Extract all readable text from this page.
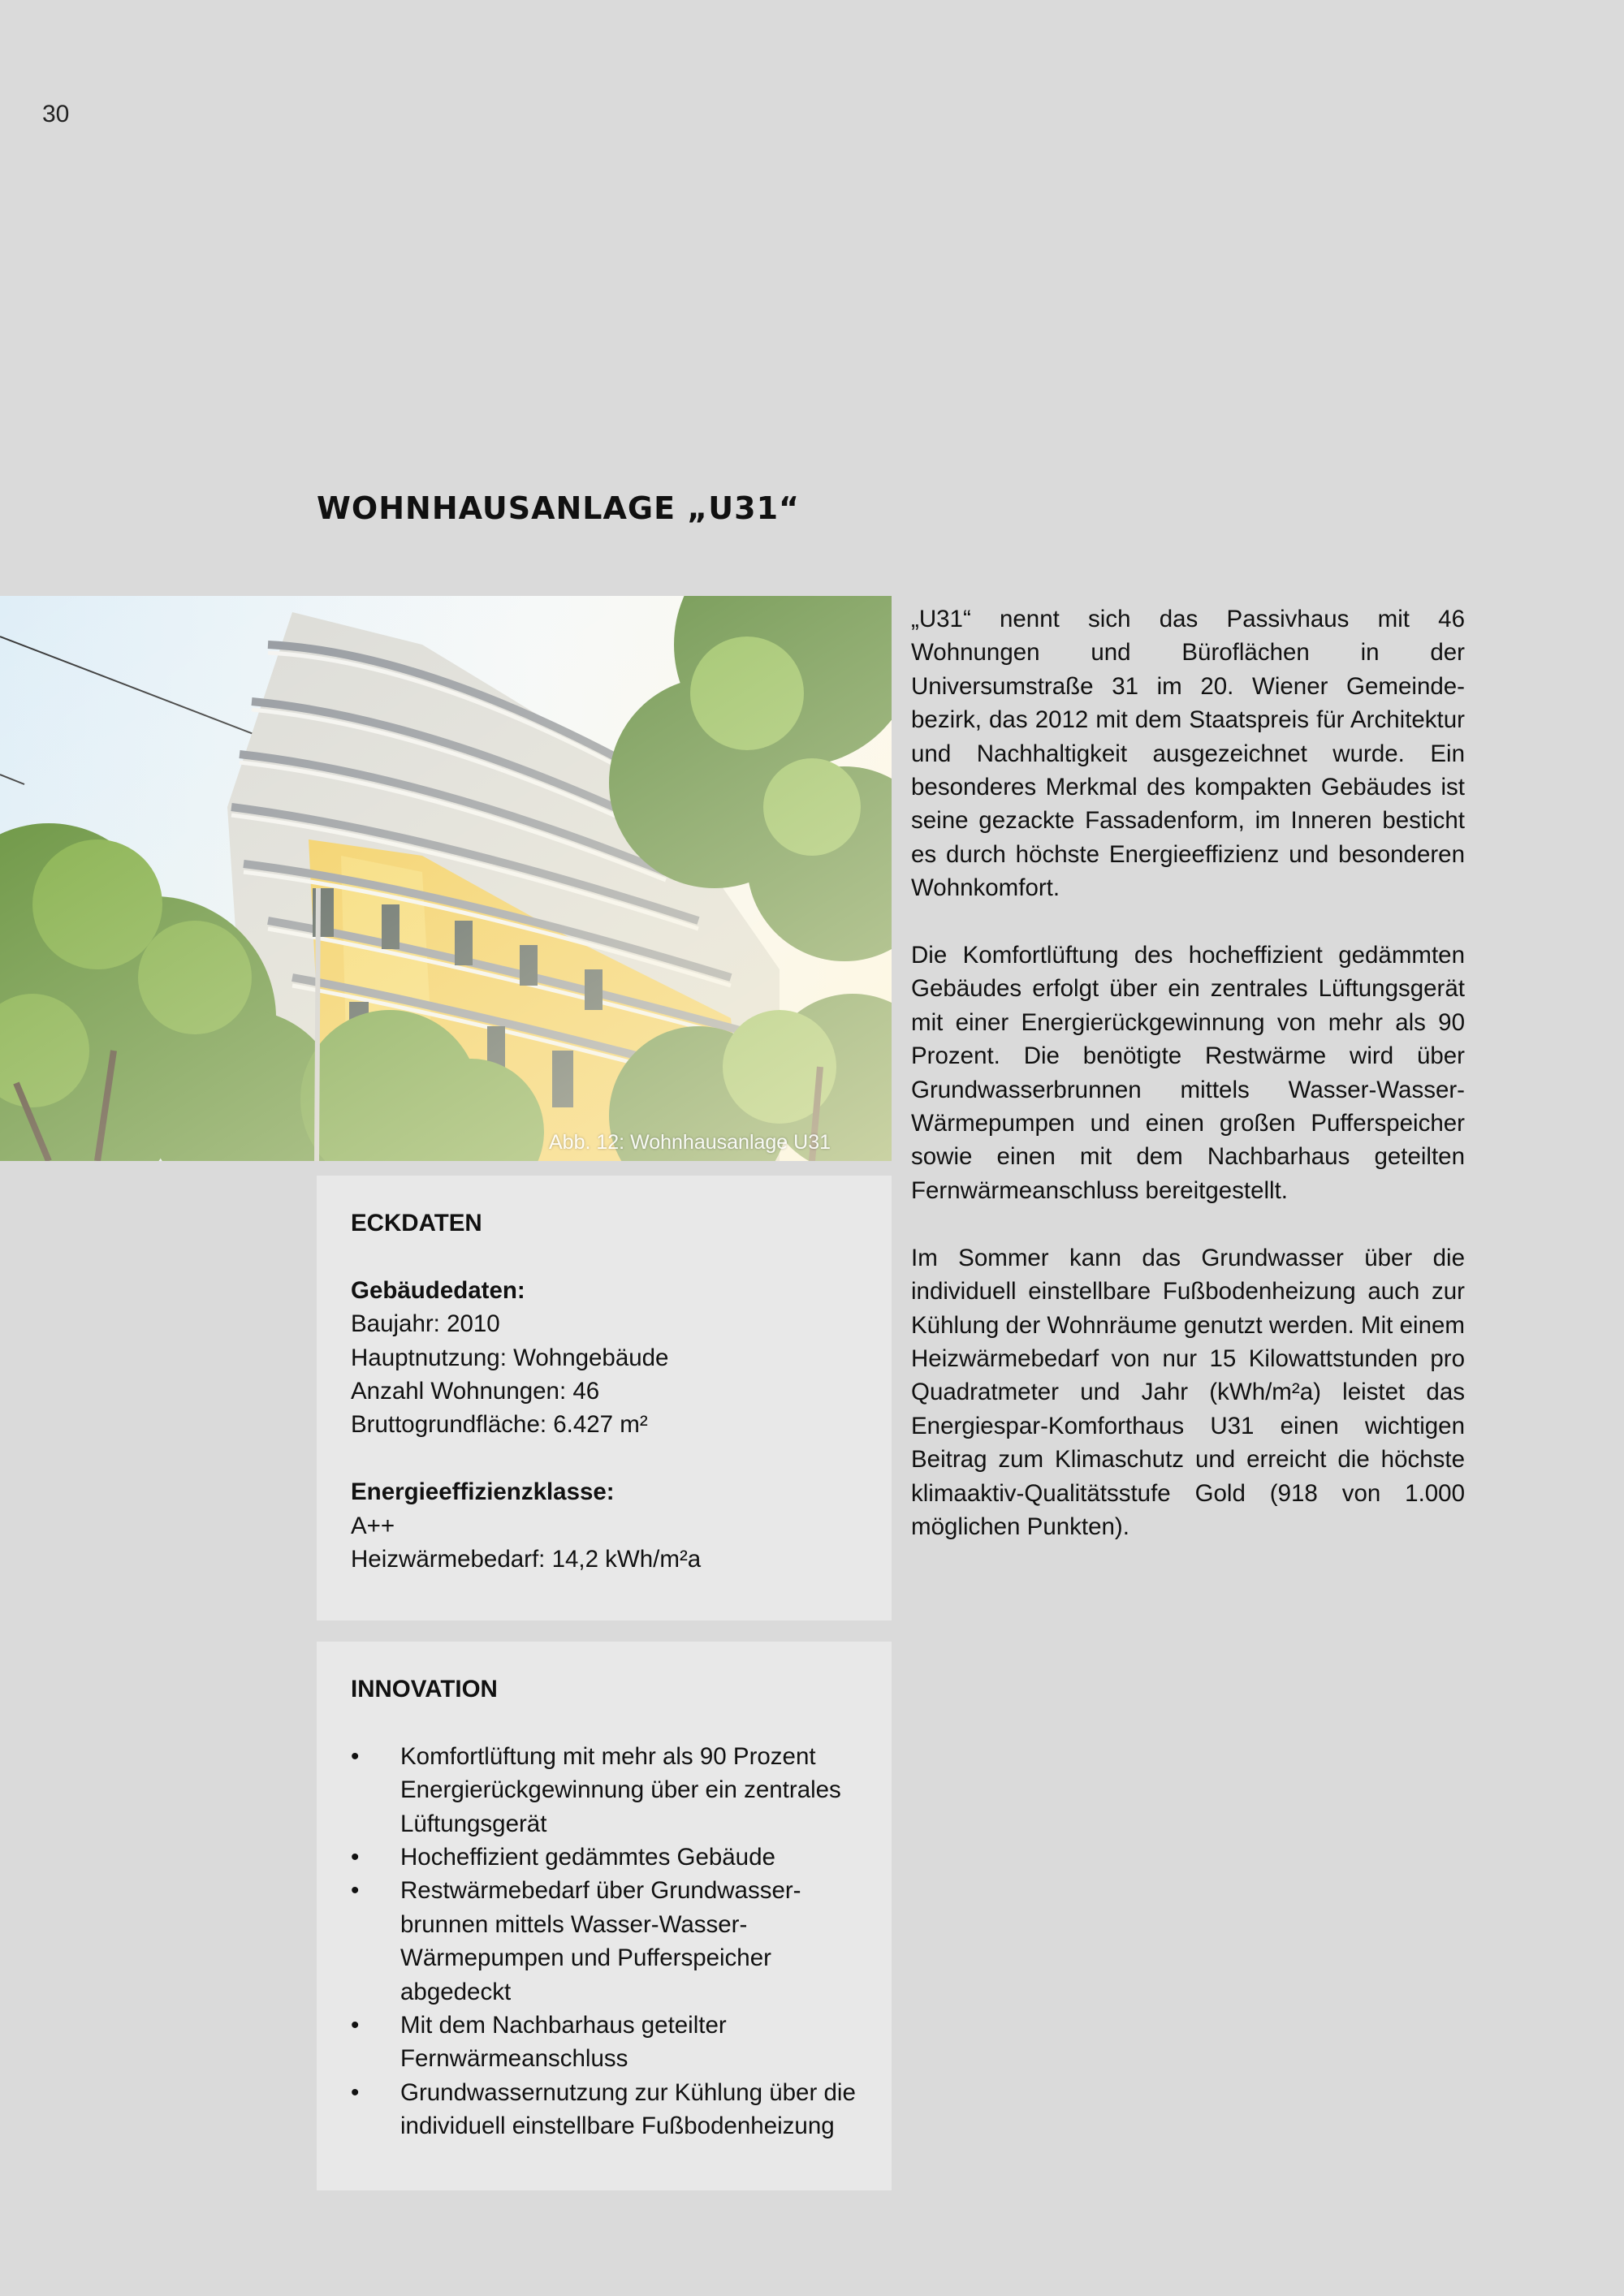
30
WOHNHAUSANLAGE „U31“
Abb. 12: Wohnhausanlage U31

„U31“ nennt sich das Passivhaus mit 46 Wohnungen und Büroflächen in der Universumstraße 31 im 20. Wiener Gemeinde-bezirk, das 2012 mit dem Staatspreis für Architektur und Nachhaltigkeit ausgezeichnet wurde. Ein besonderes Merkmal des kompakten Gebäudes ist seine gezackte Fassadenform, im Inneren besticht es durch höchste Energieeffizienz und besonderen Wohnkomfort.

Die Komfortlüftung des hocheffizient gedämmten Gebäudes erfolgt über ein zentrales Lüftungsgerät mit einer Energierückgewinnung von mehr als 90 Prozent. Die benötigte Restwärme wird über Grundwasserbrunnen mittels Wasser-Wasser-Wärmepumpen und einen großen Pufferspeicher sowie einen mit dem Nachbarhaus geteilten Fernwärmeanschluss bereitgestellt.

Im Sommer kann das Grundwasser über die individuell einstellbare Fußbodenheizung auch zur Kühlung der Wohnräume genutzt werden. Mit einem Heizwärmebedarf von nur 15 Kilowattstunden pro Quadratmeter und Jahr (kWh/m²a) leistet das Energiespar-Komforthaus U31 einen wichtigen Beitrag zum Klimaschutz und erreicht die höchste klimaaktiv-Qualitätsstufe Gold (918 von 1.000 möglichen Punkten).

ECKDATEN
Gebäudedaten:
Baujahr: 2010
Hauptnutzung: Wohngebäude
Anzahl Wohnungen: 46
Bruttogrundfläche: 6.427 m²
Energieeffizienzklasse:
A++
Heizwärmebedarf: 14,2 kWh/m²a
INNOVATION
• Komfortlüftung mit mehr als 90 Prozent
Energierückgewinnung über ein zentrales
Lüftungsgerät
• Hocheffizient gedämmtes Gebäude
• Restwärmebedarf über Grundwasser-
brunnen mittels Wasser-Wasser-
Wärmepumpen und Pufferspeicher
abgedeckt
• Mit dem Nachbarhaus geteilter
Fernwärmeanschluss
• Grundwassernutzung zur Kühlung über die
individuell einstellbare Fußbodenheizung
